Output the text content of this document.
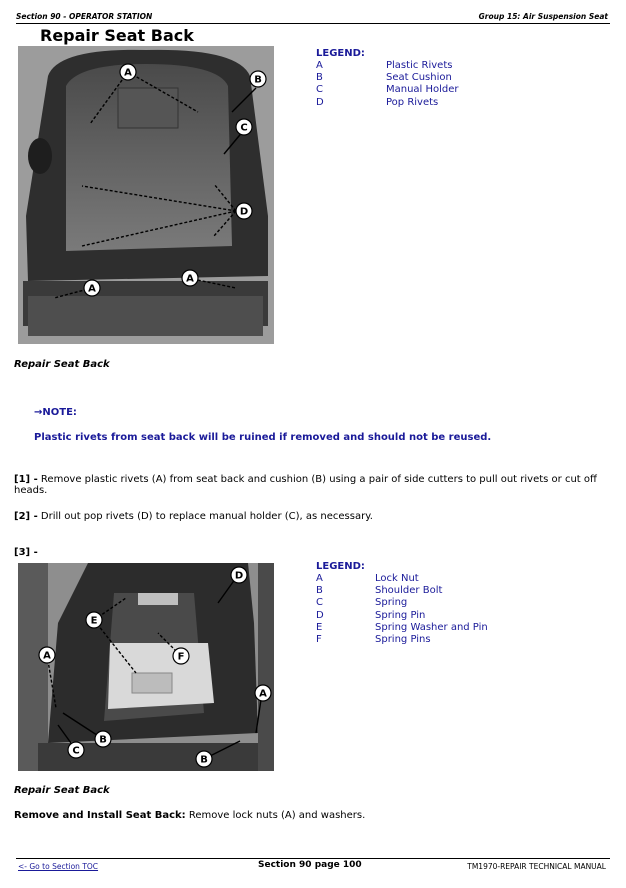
Section 90 - OPERATOR STATION	Group 15: Air Suspension Seat
Repair Seat Back
A
B
C
D
A
A
LEGEND:
A	Plastic Rivets
B	Seat Cushion
C	Manual Holder
D	Pop Rivets
Repair Seat Back
→NOTE:
Plastic rivets from seat back will be ruined if removed and should not be reused.
[1] - Remove plastic rivets (A) from seat back and cushion (B) using a pair of side cutters to pull out rivets or cut off heads.
[2] - Drill out pop rivets (D) to replace manual holder (C), as necessary.
[3] -
D
E
F
A
A
B
C
B
LEGEND:
A	Lock Nut
B	Shoulder Bolt
C	Spring
D	Spring Pin
E	Spring Washer and Pin
F	Spring Pins
Repair Seat Back
Remove and Install Seat Back: Remove lock nuts (A) and washers.
<- Go to Section TOC	Section 90 page 100	TM1970-REPAIR TECHNICAL MANUAL
